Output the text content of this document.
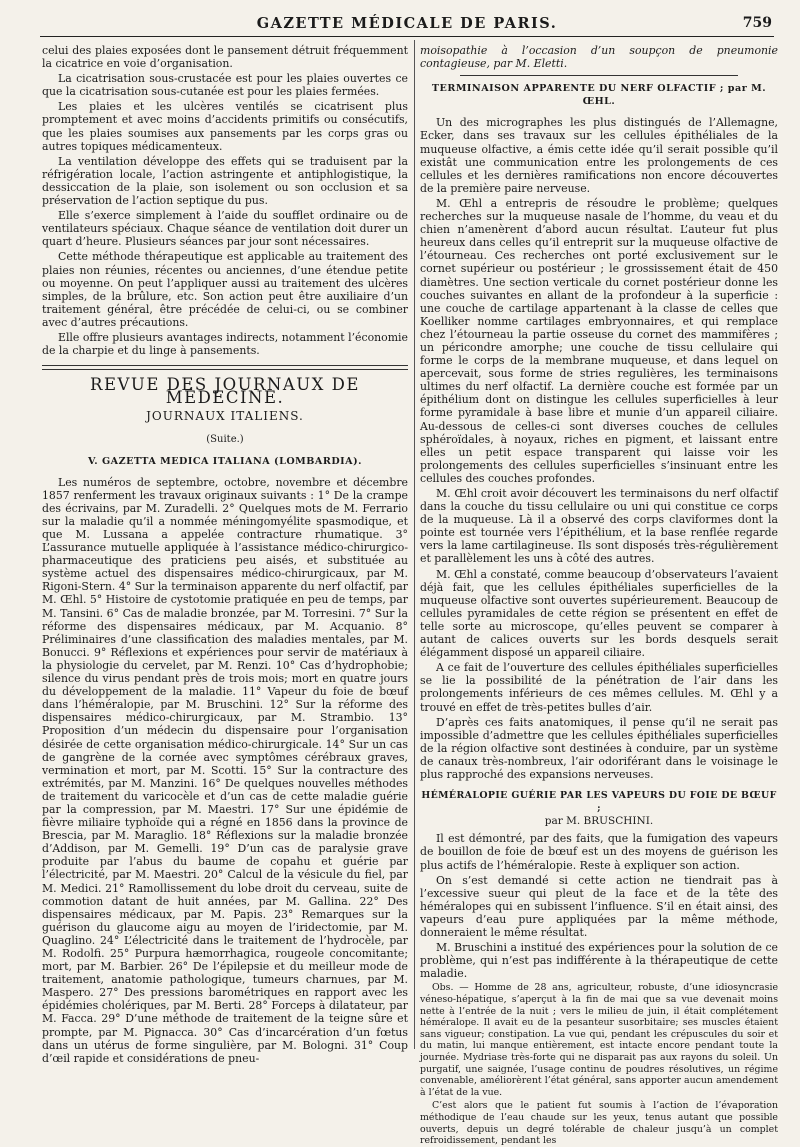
GAZETTE MÉDICALE DE PARIS.	759

celui des plaies exposées dont le pansement détruit fréquemment la cicatrice en voie d’organisation.

La cicatrisation sous-crustacée est pour les plaies ouvertes ce que la cicatrisation sous-cutanée est pour les plaies fermées.

Les plaies et les ulcères ventilés se cicatrisent plus promptement et avec moins d’accidents primitifs ou consécutifs, que les plaies soumises aux pansements par les corps gras ou autres topiques médicamenteux.

La ventilation développe des effets qui se traduisent par la réfrigération locale, l’action astringente et antiphlogistique, la dessiccation de la plaie, son isolement ou son occlusion et sa préservation de l’action septique du pus.

Elle s’exerce simplement à l’aide du soufflet ordinaire ou de ventilateurs spéciaux. Chaque séance de ventilation doit durer un quart d’heure. Plusieurs séances par jour sont nécessaires.

Cette méthode thérapeutique est applicable au traitement des plaies non réunies, récentes ou anciennes, d’une étendue petite ou moyenne. On peut l’appliquer aussi au traitement des ulcères simples, de la brûlure, etc. Son action peut être auxiliaire d’un traitement général, être précédée de celui-ci, ou se combiner avec d’autres précautions.

Elle offre plusieurs avantages indirects, notamment l’économie de la charpie et du linge à pansements.

REVUE DES JOURNAUX DE MÉDECINE.
JOURNAUX ITALIENS.
(Suite.)
V. GAZETTA MEDICA ITALIANA (LOMBARDIA).

Les numéros de septembre, octobre, novembre et décembre 1857 renferment les travaux originaux suivants : 1° De la crampe des écrivains, par M. Zuradelli. 2° Quelques mots de M. Ferrario sur la maladie qu’il a nommée méningomyélite spasmodique, et que M. Lussana a appelée contracture rhumatique. 3° L’assurance mutuelle appliquée à l’assistance médico-chirurgico-pharmaceutique des praticiens peu aisés, et substituée au système actuel des dispensaires médico-chirurgicaux, par M. Rigoni-Stern. 4° Sur la terminaison apparente du nerf olfactif, par M. Œhl. 5° Histoire de cystotomie pratiquée en peu de temps, par M. Tansini. 6° Cas de maladie bronzée, par M. Torresini. 7° Sur la réforme des dispensaires médicaux, par M. Acquanio. 8° Préliminaires d’une classification des maladies mentales, par M. Bonucci. 9° Réflexions et expériences pour servir de matériaux à la physiologie du cervelet, par M. Renzi. 10° Cas d’hydrophobie; silence du virus pendant près de trois mois; mort en quatre jours du développement de la maladie. 11° Vapeur du foie de bœuf dans l’héméralopie, par M. Bruschini. 12° Sur la réforme des dispensaires médico-chirurgicaux, par M. Strambio. 13° Proposition d’un médecin du dispensaire pour l’organisation désirée de cette organisation médico-chirurgicale. 14° Sur un cas de gangrène de la cornée avec symptômes cérébraux graves, vermination et mort, par M. Scotti. 15° Sur la contracture des extrémités, par M. Manzini. 16° De quelques nouvelles méthodes de traitement du varicocèle et d’un cas de cette maladie guérie par la compression, par M. Maestri. 17° Sur une épidémie de fièvre miliaire typhoïde qui a régné en 1856 dans la province de Brescia, par M. Maraglio. 18° Réflexions sur la maladie bronzée d’Addison, par M. Gemelli. 19° D’un cas de paralysie grave produite par l’abus du baume de copahu et guérie par l’électricité, par M. Maestri. 20° Calcul de la vésicule du fiel, par M. Medici. 21° Ramollissement du lobe droit du cerveau, suite de commotion datant de huit années, par M. Gallina. 22° Des dispensaires médicaux, par M. Papis. 23° Remarques sur la guérison du glaucome aigu au moyen de l’iridectomie, par M. Quaglino. 24° L’électricité dans le traitement de l’hydrocèle, par M. Rodolfi. 25° Purpura hæmorrhagica, rougeole concomitante; mort, par M. Barbier. 26° De l’épilepsie et du meilleur mode de traitement, anatomie pathologique, tumeurs charnues, par M. Maspero. 27° Des pressions barométriques en rapport avec les épidémies cholériques, par M. Berti. 28° Forceps à dilatateur, par M. Facca. 29° D’une méthode de traitement de la teigne sûre et prompte, par M. Pignacca. 30° Cas d’incarcération d’un fœtus dans un utérus de forme singulière, par M. Bologni. 31° Coup d’œil rapide et considérations de pneu-

moisopathie à l’occasion d’un soupçon de pneumonie contagieuse, par M. Eletti.

TERMINAISON APPARENTE DU NERF OLFACTIF ; par M. ŒHL.

Un des micrographes les plus distingués de l’Allemagne, Ecker, dans ses travaux sur les cellules épithéliales de la muqueuse olfactive, a émis cette idée qu’il serait possible qu’il existât une communication entre les prolongements de ces cellules et les dernières ramifications non encore découvertes de la première paire nerveuse.

M. Œhl a entrepris de résoudre le problème; quelques recherches sur la muqueuse nasale de l’homme, du veau et du chien n’amenèrent d’abord aucun résultat. L’auteur fut plus heureux dans celles qu’il entreprit sur la muqueuse olfactive de l’étourneau. Ces recherches ont porté exclusivement sur le cornet supérieur ou postérieur ; le grossissement était de 450 diamètres. Une section verticale du cornet postérieur donne les couches suivantes en allant de la profondeur à la superficie : une couche de cartilage appartenant à la classe de celles que Koelliker nomme cartilages embryonnaires, et qui remplace chez l’étourneau la partie osseuse du cornet des mammifères ; un péricondre amorphe; une couche de tissu cellulaire qui forme le corps de la membrane muqueuse, et dans lequel on apercevait, sous forme de stries regulières, les terminaisons ultimes du nerf olfactif. La dernière couche est formée par un épithélium dont on distingue les cellules superficielles à leur forme pyramidale à base libre et munie d’un appareil ciliaire. Au-dessous de celles-ci sont diverses couches de cellules sphéroïdales, à noyaux, riches en pigment, et laissant entre elles un petit espace transparent qui laisse voir les prolongements des cellules superficielles s’insinuant entre les cellules des couches profondes.

M. Œhl croit avoir découvert les terminaisons du nerf olfactif dans la couche du tissu cellulaire ou uni qui constitue ce corps de la muqueuse. Là il a observé des corps claviformes dont la pointe est tournée vers l’épithélium, et la base renflée regarde vers la lame cartilagineuse. Ils sont disposés très-régulièrement et parallèlement les uns à côté des autres.

M. Œhl a constaté, comme beaucoup d’observateurs l’avaient déjà fait, que les cellules épithéliales superficielles de la muqueuse olfactive sont ouvertes supérieurement. Beaucoup de cellules pyramidales de cette région se présentent en effet de telle sorte au microscope, qu’elles peuvent se comparer à autant de calices ouverts sur les bords desquels serait élégamment disposé un appareil ciliaire.

A ce fait de l’ouverture des cellules épithéliales superficielles se lie la possibilité de la pénétration de l’air dans les prolongements inférieurs de ces mêmes cellules. M. Œhl y a trouvé en effet de très-petites bulles d’air.

D’après ces faits anatomiques, il pense qu’il ne serait pas impossible d’admettre que les cellules épithéliales superficielles de la région olfactive sont destinées à conduire, par un système de canaux très-nombreux, l’air odoriférant dans le voisinage le plus rapproché des expansions nerveuses.

HÉMÉRALOPIE GUÉRIE PAR LES VAPEURS DU FOIE DE BŒUF ;
par M. BRUSCHINI.

Il est démontré, par des faits, que la fumigation des vapeurs de bouillon de foie de bœuf est un des moyens de guérison les plus actifs de l’héméralopie. Reste à expliquer son action.

On s’est demandé si cette action ne tiendrait pas à l’excessive sueur qui pleut de la face et de la tête des héméralopes qui en subissent l’influence. S’il en était ainsi, des vapeurs d’eau pure appliquées par la même méthode, donneraient le même résultat.

M. Bruschini a institué des expériences pour la solution de ce problème, qui n’est pas indifférente à la thérapeutique de cette maladie.

Obs. — Homme de 28 ans, agriculteur, robuste, d’une idiosyncrasie véneso-hépatique, s’aperçut à la fin de mai que sa vue devenait moins nette à l’entrée de la nuit ; vers le milieu de juin, il était complétement héméralope. Il avait eu de la pesanteur susorbitaire; ses muscles étaient sans vigueur; constipation. La vue qui, pendant les crépuscules du soir et du matin, lui manque entièrement, est intacte encore pendant toute la journée. Mydriase très-forte qui ne disparait pas aux rayons du soleil. Un purgatif, une saignée, l’usage continu de poudres résolutives, un régime convenable, améliorèrent l’état général, sans apporter aucun amendement à l’état de la vue.

C’est alors que le patient fut soumis à l’action de l’évaporation méthodique de l’eau chaude sur les yeux, tenus autant que possible ouverts, depuis un degré tolérable de chaleur jusqu’à un complet refroidissement, pendant les
